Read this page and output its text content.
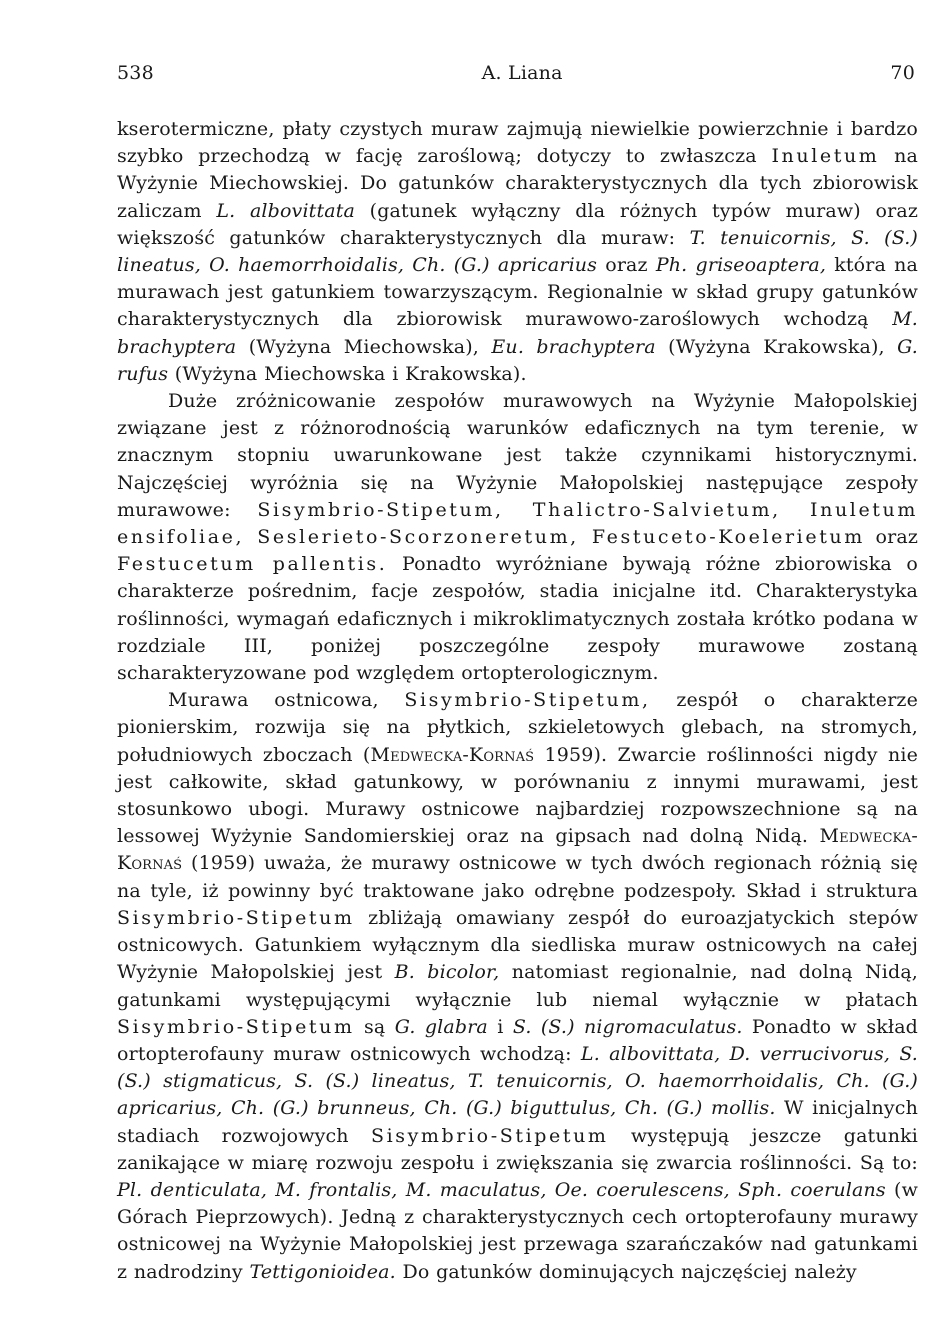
538	A. Liana	70

kserotermiczne, płaty czystych muraw zajmują niewielkie powierzchnie i bardzo szybko przechodzą w fację zaroślową; dotyczy to zwłaszcza Inuletum na Wyżynie Miechowskiej. Do gatunków charakterystycznych dla tych zbiorowisk zaliczam L. albovittata (gatunek wyłączny dla różnych typów muraw) oraz większość gatunków charakterystycznych dla muraw: T. tenuicornis, S. (S.) lineatus, O. haemorrhoidalis, Ch. (G.) apricarius oraz Ph. griseoaptera, która na murawach jest gatunkiem towarzyszącym. Regionalnie w skład grupy gatunków charakterystycznych dla zbiorowisk murawowo-zaroślowych wchodzą M. brachyptera (Wyżyna Miechowska), Eu. brachyptera (Wyżyna Krakowska), G. rufus (Wyżyna Miechowska i Krakowska).

Duże zróżnicowanie zespołów murawowych na Wyżynie Małopolskiej związane jest z różnorodnością warunków edaficznych na tym terenie, w znacznym stopniu uwarunkowane jest także czynnikami historycznymi. Najczęściej wyróżnia się na Wyżynie Małopolskiej następujące zespoły murawowe: Sisymbrio-Stipetum, Thalictro-Salvietum, Inuletum ensifoliae, Seslerieto-Scorzoneretum, Festuceto-Koelerietum oraz Festucetum pallentis. Ponadto wyróżniane bywają różne zbiorowiska o charakterze pośrednim, facje zespołów, stadia inicjalne itd. Charakterystyka roślinności, wymagań edaficznych i mikroklimatycznych została krótko podana w rozdziale III, poniżej poszczególne zespoły murawowe zostaną scharakteryzowane pod względem ortopterologicznym.

Murawa ostnicowa, Sisymbrio-Stipetum, zespół o charakterze pionierskim, rozwija się na płytkich, szkieletowych glebach, na stromych, południowych zboczach (Medwecka-Kornaś 1959). Zwarcie roślinności nigdy nie jest całkowite, skład gatunkowy, w porównaniu z innymi murawami, jest stosunkowo ubogi. Murawy ostnicowe najbardziej rozpowszechnione są na lessowej Wyżynie Sandomierskiej oraz na gipsach nad dolną Nidą. Medwecka-Kornaś (1959) uważa, że murawy ostnicowe w tych dwóch regionach różnią się na tyle, iż powinny być traktowane jako odrębne podzespoły. Skład i struktura Sisymbrio-Stipetum zbliżają omawiany zespół do euroazjatyckich stepów ostnicowych. Gatunkiem wyłącznym dla siedliska muraw ostnicowych na całej Wyżynie Małopolskiej jest B. bicolor, natomiast regionalnie, nad dolną Nidą, gatunkami występującymi wyłącznie lub niemal wyłącznie w płatach Sisymbrio-Stipetum są G. glabra i S. (S.) nigromaculatus. Ponadto w skład ortopterofauny muraw ostnicowych wchodzą: L. albovittata, D. verrucivorus, S. (S.) stigmaticus, S. (S.) lineatus, T. tenuicornis, O. haemorrhoidalis, Ch. (G.) apricarius, Ch. (G.) brunneus, Ch. (G.) biguttulus, Ch. (G.) mollis. W inicjalnych stadiach rozwojowych Sisymbrio-Stipetum występują jeszcze gatunki zanikające w miarę rozwoju zespołu i zwiększania się zwarcia roślinności. Są to: Pl. denticulata, M. frontalis, M. maculatus, Oe. coerulescens, Sph. coerulans (w Górach Pieprzowych). Jedną z charakterystycznych cech ortopterofauny murawy ostnicowej na Wyżynie Małopolskiej jest przewaga szarańczaków nad gatunkami z nadrodziny Tettigonioidea. Do gatunków dominujących najczęściej należy
